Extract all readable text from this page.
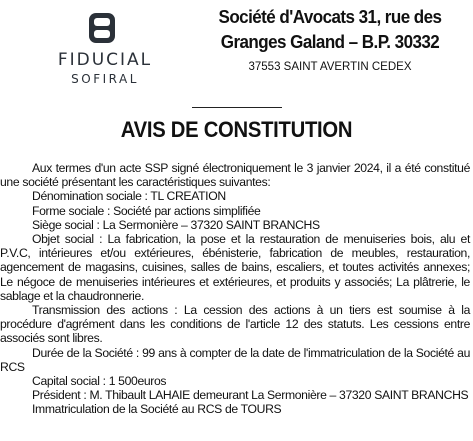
FIDUCIAL
SOFIRAL
Société d'Avocats 31, rue des
Granges Galand – B.P. 30332
37553 SAINT AVERTIN CEDEX
AVIS DE CONSTITUTION

Aux termes d'un acte SSP signé électroniquement le 3 janvier 2024, il a été constitué une société présentant les caractéristiques suivantes:

Dénomination sociale : TL CREATION

Forme sociale : Société par actions simplifiée

Siège social : La Sermonière – 37320 SAINT BRANCHS

Objet social : La fabrication, la pose et la restauration de menuiseries bois, alu et P.V.C, intérieures et/ou extérieures, ébénisterie, fabrication de meubles, restauration, agencement de magasins, cuisines, salles de bains, escaliers, et toutes activités annexes; Le négoce de menuiseries intérieures et extérieures, et produits y associés; La plâtrerie, le sablage et la chaudronnerie.

Transmission des actions : La cession des actions à un tiers est soumise à la procédure d'agrément dans les conditions de l'article 12 des statuts. Les cessions entre associés sont libres.

Durée de la Société : 99 ans à compter de la date de l'immatriculation de la Société au RCS

Capital social : 1 500euros

Président : M. Thibault LAHAIE demeurant La Sermonière – 37320 SAINT BRANCHS

Immatriculation de la Société au RCS de TOURS
